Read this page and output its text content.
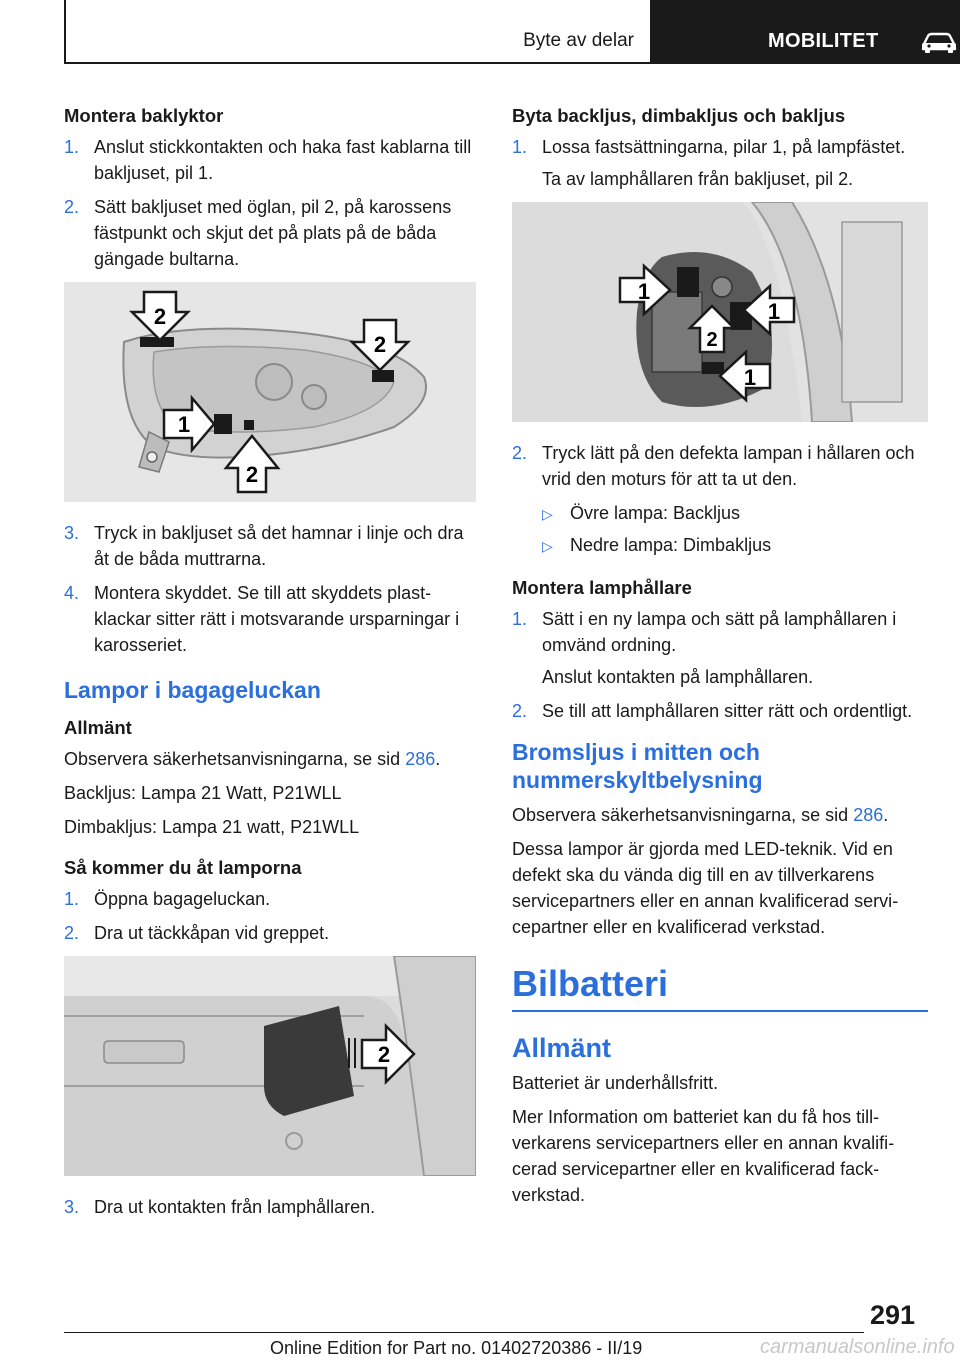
Byte av delar	MOBILITET
Montera baklyktor
1. Anslut stickkontakten och haka fast kablarna till bakljuset, pil 1.
2. Sätt bakljuset med öglan, pil 2, på karossens fästpunkt och skjut det på plats på de båda gängade bultarna.
2
2
1
2
3. Tryck in bakljuset så det hamnar i linje och dra åt de båda muttrarna.
4. Montera skyddet. Se till att skyddets plastklackar sitter rätt i motsvarande ursparningar i karosseriet.
Lampor i bagageluckan
Allmänt

Observera säkerhetsanvisningarna, se sid 286.

Backljus: Lampa 21 Watt, P21WLL

Dimbakljus: Lampa 21 watt, P21WLL

Så kommer du åt lamporna
1. Öppna bagageluckan.
2. Dra ut täckkåpan vid greppet.
2
3. Dra ut kontakten från lamphållaren.
Byta backljus, dimbakljus och bakljus
1. Lossa fastsättningarna, pilar 1, på lampfästet.
Ta av lamphållaren från bakljuset, pil 2.
1
1
2
1
2. Tryck lätt på den defekta lampan i hållaren och vrid den moturs för att ta ut den.
▷ Övre lampa: Backljus
▷ Nedre lampa: Dimbakljus
Montera lamphållare
1. Sätt i en ny lampa och sätt på lamphållaren i omvänd ordning.
Anslut kontakten på lamphållaren.
2. Se till att lamphållaren sitter rätt och ordentligt.
Bromsljus i mitten och nummerskyltbelysning

Observera säkerhetsanvisningarna, se sid 286.

Dessa lampor är gjorda med LED-teknik. Vid en defekt ska du vända dig till en av tillverkarens servicepartners eller en annan kvalificerad servicepartner eller en kvalificerad verkstad.

Bilbatteri
Allmänt

Batteriet är underhållsfritt.

Mer Information om batteriet kan du få hos tillverkarens servicepartners eller en annan kvalificerad servicepartner eller en kvalificerad fackverkstad.

291
Online Edition for Part no. 01402720386 - II/19	carmanualsonline.info
